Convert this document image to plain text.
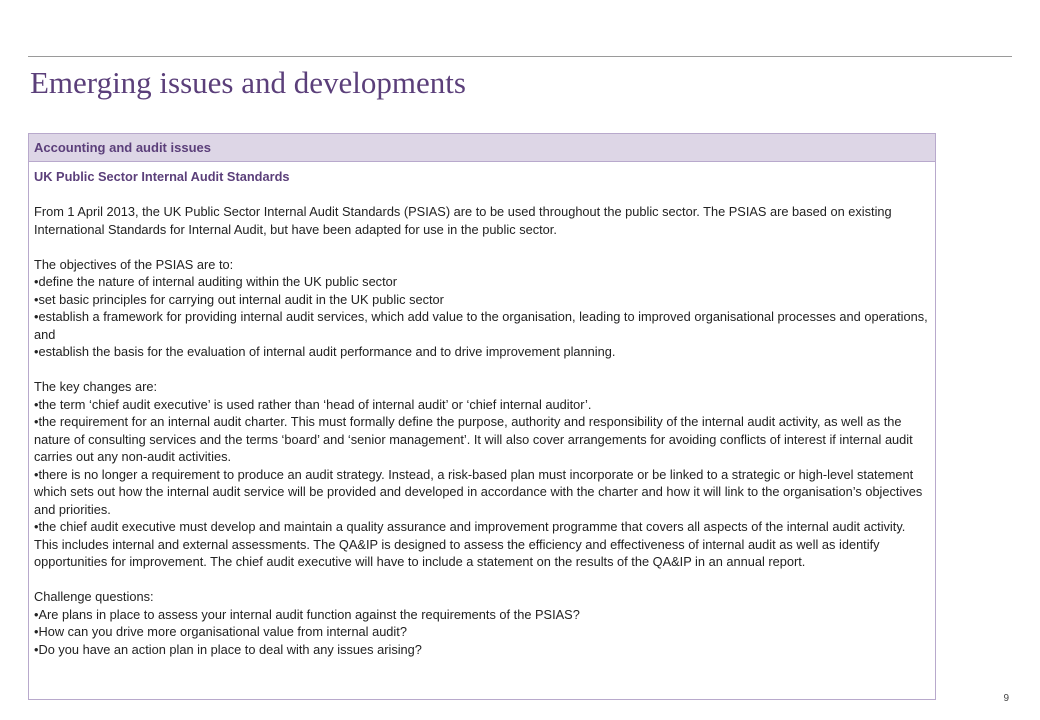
Emerging issues and developments
Accounting and audit issues

UK Public Sector Internal Audit Standards

From 1 April 2013, the UK Public Sector Internal Audit Standards (PSIAS) are to be used throughout the public sector. The PSIAS are based on existing International Standards for Internal Audit, but have been adapted for use in the public sector.

The objectives of the PSIAS are to:

•define the nature of internal auditing within the UK public sector

•set basic principles for carrying out internal audit in the UK public sector

•establish a framework for providing internal audit services, which add value to the organisation, leading to improved organisational processes and operations, and

•establish the basis for the evaluation of internal audit performance and to drive improvement planning.

The key changes are:

•the term ‘chief audit executive’ is used rather than ‘head of internal audit’ or ‘chief internal auditor’.

•the requirement for an internal audit charter. This must formally define the purpose, authority and responsibility of the internal audit activity, as well as the nature of consulting services and the terms ‘board’ and ‘senior management’. It will also cover arrangements for avoiding conflicts of interest if internal audit carries out any non-audit activities.

•there is no longer a requirement to produce an audit strategy. Instead, a risk-based plan must incorporate or be linked to a strategic or high-level statement which sets out how the internal audit service will be provided and developed in accordance with the charter and how it will link to the organisation’s objectives and priorities.

•the chief audit executive must develop and maintain a quality assurance and improvement programme that covers all aspects of the internal audit activity. This includes internal and external assessments. The QA&IP is designed to assess the efficiency and effectiveness of internal audit as well as identify opportunities for improvement. The chief audit executive will have to include a statement on the results of the QA&IP in an annual report.

Challenge questions:

•Are plans in place to assess your internal audit function against the requirements of the PSIAS?

•How can you drive more organisational value from internal audit?

•Do you have an action plan in place to deal with any issues arising?

9
